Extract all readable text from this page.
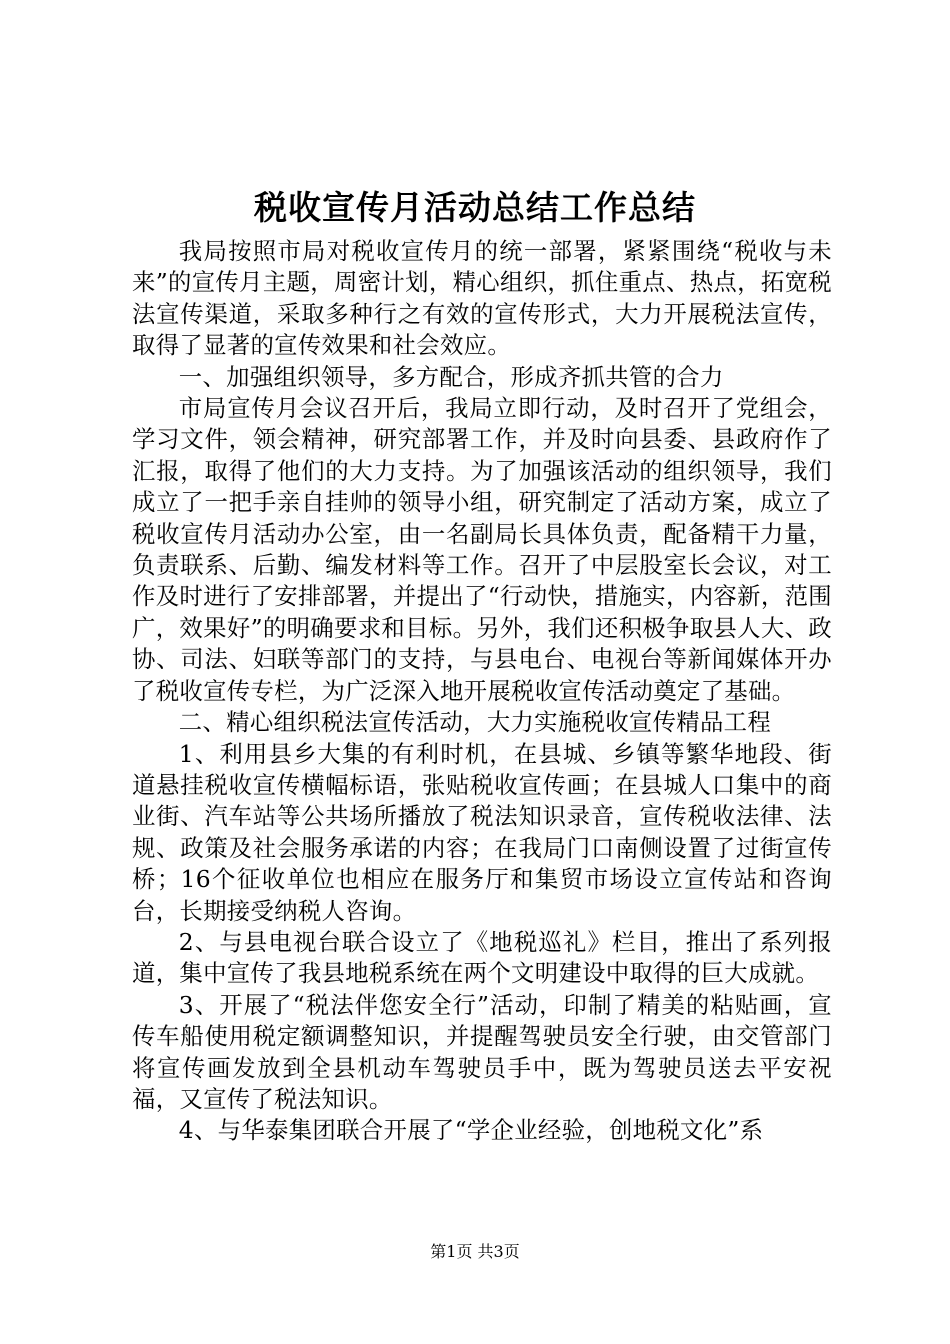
税收宣传月活动总结工作总结

我局按照市局对税收宣传月的统一部署，紧紧围绕“税收与未来”的宣传月主题，周密计划，精心组织，抓住重点、热点，拓宽税法宣传渠道，采取多种行之有效的宣传形式，大力开展税法宣传，取得了显著的宣传效果和社会效应。

一、加强组织领导，多方配合，形成齐抓共管的合力

市局宣传月会议召开后，我局立即行动，及时召开了党组会，学习文件，领会精神，研究部署工作，并及时向县委、县政府作了汇报，取得了他们的大力支持。为了加强该活动的组织领导，我们成立了一把手亲自挂帅的领导小组，研究制定了活动方案，成立了税收宣传月活动办公室，由一名副局长具体负责，配备精干力量，负责联系、后勤、编发材料等工作。召开了中层股室长会议，对工作及时进行了安排部署，并提出了“行动快，措施实，内容新，范围广，效果好”的明确要求和目标。另外，我们还积极争取县人大、政协、司法、妇联等部门的支持，与县电台、电视台等新闻媒体开办了税收宣传专栏，为广泛深入地开展税收宣传活动奠定了基础。

二、精心组织税法宣传活动，大力实施税收宣传精品工程

1、利用县乡大集的有利时机，在县城、乡镇等繁华地段、街道悬挂税收宣传横幅标语，张贴税收宣传画；在县城人口集中的商业街、汽车站等公共场所播放了税法知识录音，宣传税收法律、法规、政策及社会服务承诺的内容；在我局门口南侧设置了过街宣传桥；16个征收单位也相应在服务厅和集贸市场设立宣传站和咨询台，长期接受纳税人咨询。

2、与县电视台联合设立了《地税巡礼》栏目，推出了系列报道，集中宣传了我县地税系统在两个文明建设中取得的巨大成就。

3、开展了“税法伴您安全行”活动，印制了精美的粘贴画，宣传车船使用税定额调整知识，并提醒驾驶员安全行驶，由交管部门将宣传画发放到全县机动车驾驶员手中，既为驾驶员送去平安祝福，又宣传了税法知识。

4、与华泰集团联合开展了“学企业经验，创地税文化”系

第1页 共3页
